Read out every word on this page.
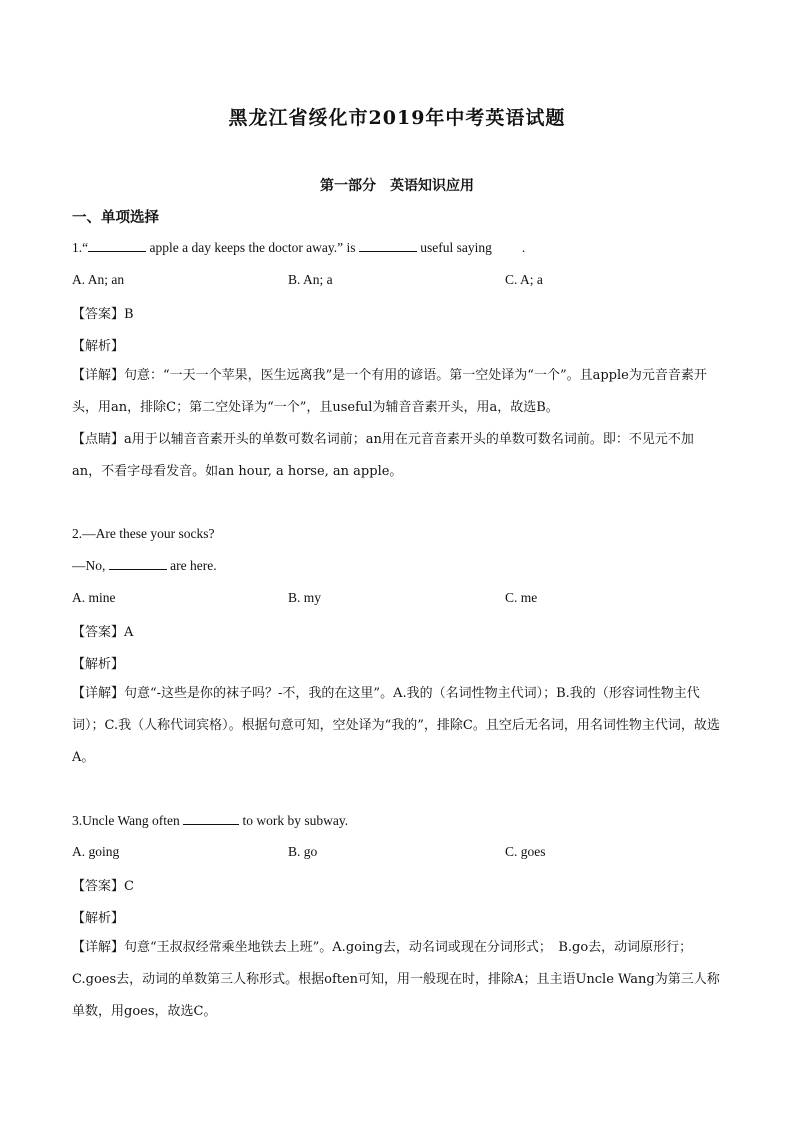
黑龙江省绥化市2019年中考英语试题
第一部分　英语知识应用
一、单项选择
1.“	apple a day keeps the doctor away.” is	useful saying .
A. An; an	B. An; a	C. A; a
【答案】B
【解析】
【详解】句意：“一天一个苹果，医生远离我”是一个有用的谚语。第一空处译为“一个”。且apple为元音音素开头，用an，排除C；第二空处译为“一个”，且useful为辅音音素开头，用a，故选B。
【点睛】a用于以辅音音素开头的单数可数名词前；an用在元音音素开头的单数可数名词前。即：不见元不加an，不看字母看发音。如an hour, a horse, an apple。
2.—Are these your socks?
—No,	are here.
A. mine	B. my	C. me
【答案】A
【解析】
【详解】句意“-这些是你的袜子吗？-不，我的在这里”。A.我的（名词性物主代词）；B.我的（形容词性物主代词）；C.我（人称代词宾格）。根据句意可知，空处译为“我的”，排除C。且空后无名词，用名词性物主代词，故选A。
3.Uncle Wang often	to work by subway.
A. going	B. go	C. goes
【答案】C
【解析】
【详解】句意“王叔叔经常乘坐地铁去上班”。A.going去，动名词或现在分词形式；　B.go去，动词原形行；　C.goes去，动词的单数第三人称形式。根据often可知，用一般现在时，排除A；且主语Uncle Wang为第三人称单数，用goes，故选C。
